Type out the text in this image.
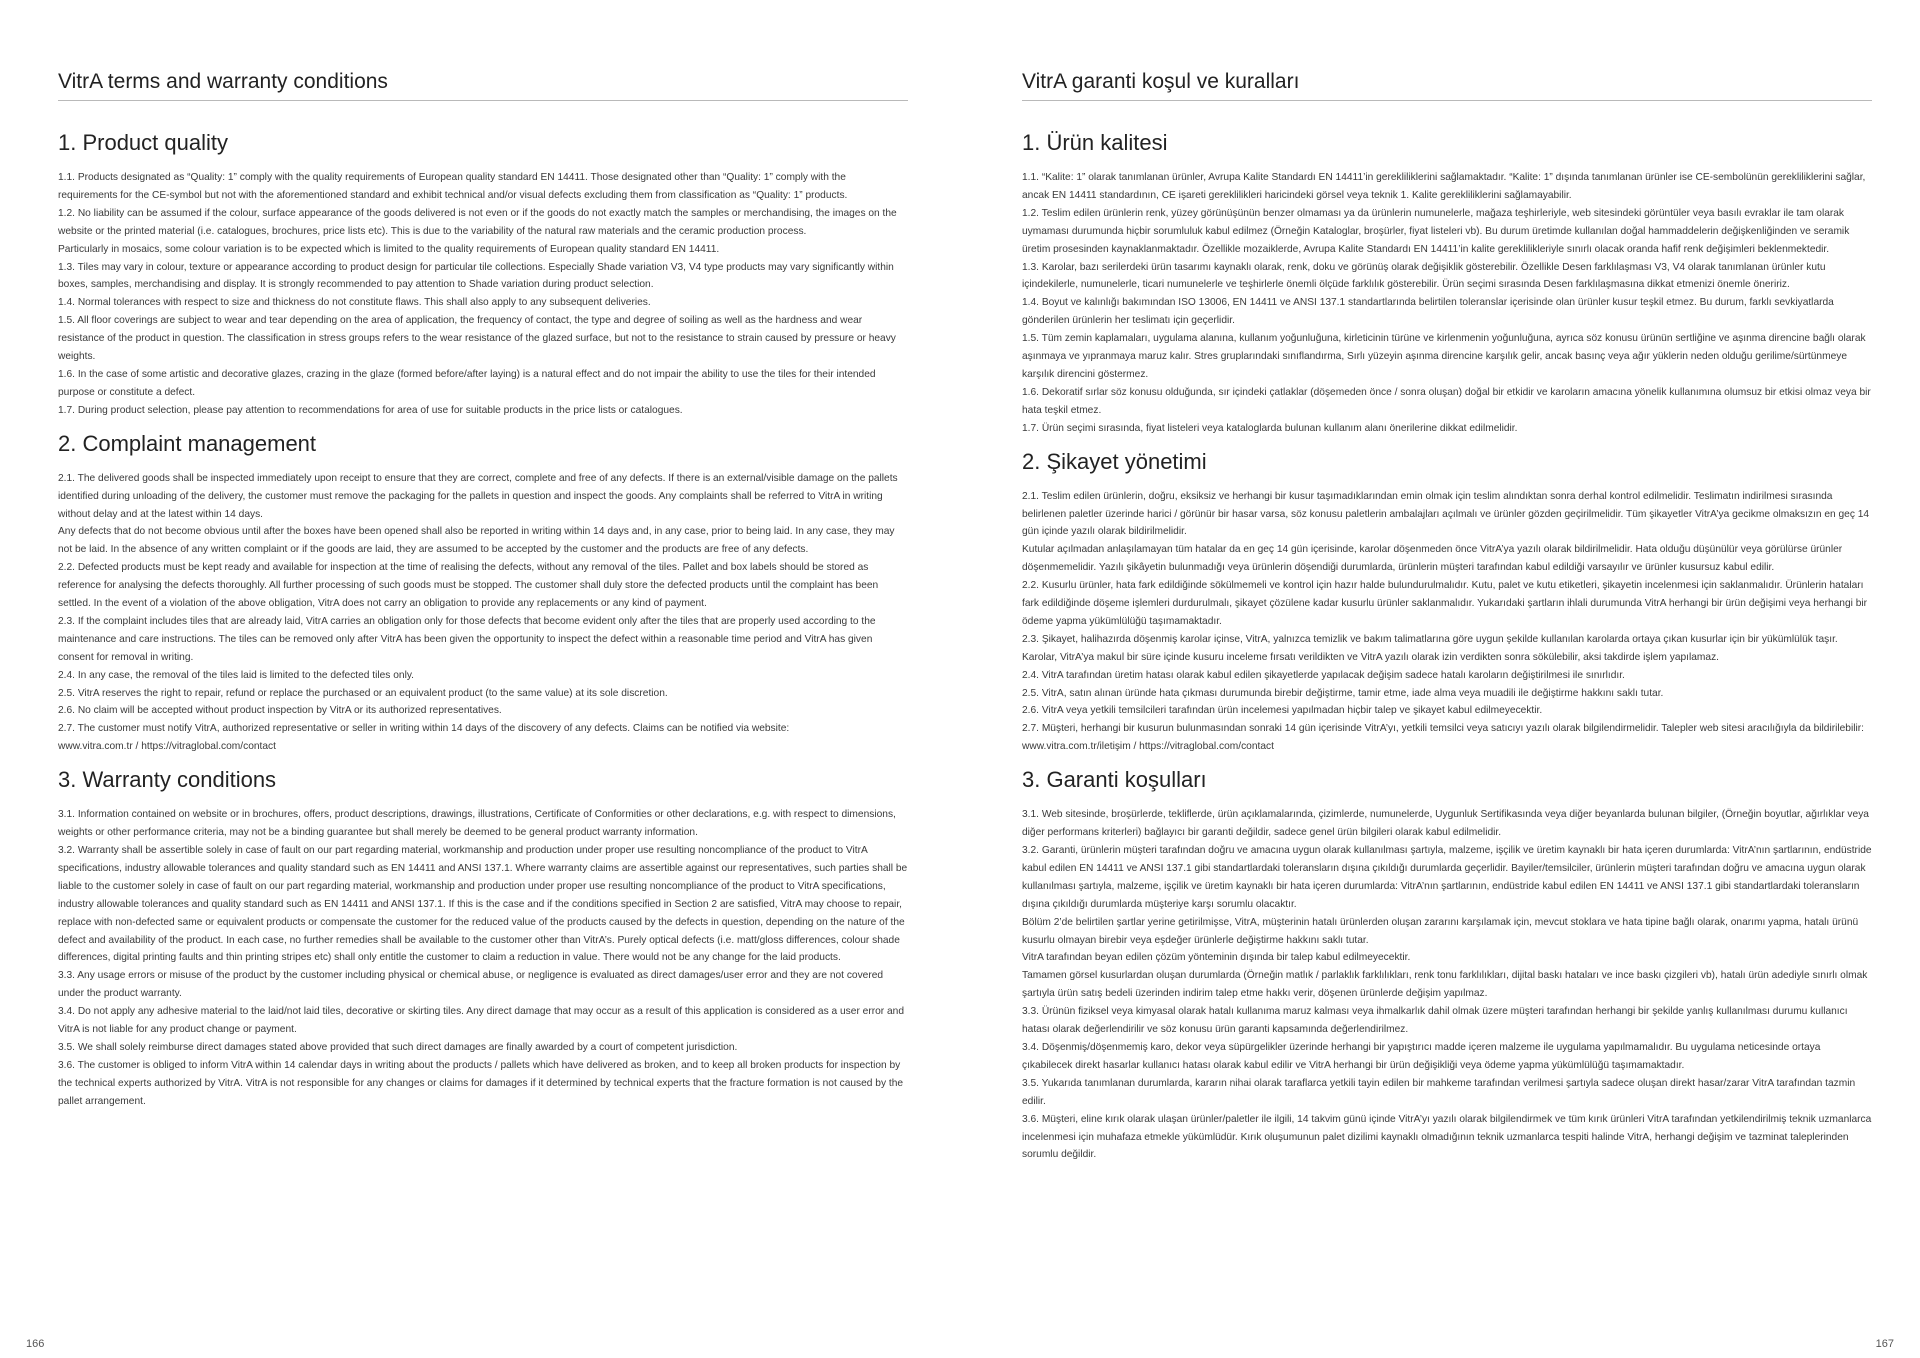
VitrA terms and warranty conditions
1. Product quality

1.1. Products designated as “Quality: 1” comply with the quality requirements of European quality standard EN 14411. Those designated other than “Quality: 1” comply with the requirements for the CE-symbol but not with the aforementioned standard and exhibit technical and/or visual defects excluding them from classification as “Quality: 1” products.

1.2. No liability can be assumed if the colour, surface appearance of the goods delivered is not even or if the goods do not exactly match the samples or merchandising, the images on the website or the printed material (i.e. catalogues, brochures, price lists etc). This is due to the variability of the natural raw materials and the ceramic production process.

Particularly in mosaics, some colour variation is to be expected which is limited to the quality requirements of European quality standard EN 14411.

1.3. Tiles may vary in colour, texture or appearance according to product design for particular tile collections. Especially Shade variation V3, V4 type products may vary significantly within boxes, samples, merchandising and display. It is strongly recommended to pay attention to Shade variation during product selection.

1.4. Normal tolerances with respect to size and thickness do not constitute flaws. This shall also apply to any subsequent deliveries.

1.5. All floor coverings are subject to wear and tear depending on the area of application, the frequency of contact, the type and degree of soiling as well as the hardness and wear resistance of the product in question. The classification in stress groups refers to the wear resistance of the glazed surface, but not to the resistance to strain caused by pressure or heavy weights.

1.6. In the case of some artistic and decorative glazes, crazing in the glaze (formed before/after laying) is a natural effect and do not impair the ability to use the tiles for their intended purpose or constitute a defect.

1.7. During product selection, please pay attention to recommendations for area of use for suitable products in the price lists or catalogues.

2. Complaint management

2.1. The delivered goods shall be inspected immediately upon receipt to ensure that they are correct, complete and free of any defects. If there is an external/visible damage on the pallets identified during unloading of the delivery, the customer must remove the packaging for the pallets in question and inspect the goods. Any complaints shall be referred to VitrA in writing without delay and at the latest within 14 days.

Any defects that do not become obvious until after the boxes have been opened shall also be reported in writing within 14 days and, in any case, prior to being laid. In any case, they may not be laid. In the absence of any written complaint or if the goods are laid, they are assumed to be accepted by the customer and the products are free of any defects.

2.2. Defected products must be kept ready and available for inspection at the time of realising the defects, without any removal of the tiles. Pallet and box labels should be stored as reference for analysing the defects thoroughly. All further processing of such goods must be stopped. The customer shall duly store the defected products until the complaint has been settled. In the event of a violation of the above obligation, VitrA does not carry an obligation to provide any replacements or any kind of payment.

2.3. If the complaint includes tiles that are already laid, VitrA carries an obligation only for those defects that become evident only after the tiles that are properly used according to the maintenance and care instructions. The tiles can be removed only after VitrA has been given the opportunity to inspect the defect within a reasonable time period and VitrA has given consent for removal in writing.

2.4. In any case, the removal of the tiles laid is limited to the defected tiles only.

2.5. VitrA reserves the right to repair, refund or replace the purchased or an equivalent product (to the same value) at its sole discretion.

2.6. No claim will be accepted without product inspection by VitrA or its authorized representatives.

2.7. The customer must notify VitrA, authorized representative or seller in writing within 14 days of the discovery of any defects. Claims can be notified via website:

www.vitra.com.tr / https://vitraglobal.com/contact

3. Warranty conditions

3.1. Information contained on website or in brochures, offers, product descriptions, drawings, illustrations, Certificate of Conformities or other declarations, e.g. with respect to dimensions, weights or other performance criteria, may not be a binding guarantee but shall merely be deemed to be general product warranty information.

3.2. Warranty shall be assertible solely in case of fault on our part regarding material, workmanship and production under proper use resulting noncompliance of the product to VitrA specifications, industry allowable tolerances and quality standard such as EN 14411 and ANSI 137.1. Where warranty claims are assertible against our representatives, such parties shall be liable to the customer solely in case of fault on our part regarding material, workmanship and production under proper use resulting noncompliance of the product to VitrA specifications, industry allowable tolerances and quality standard such as EN 14411 and ANSI 137.1. If this is the case and if the conditions specified in Section 2 are satisfied, VitrA may choose to repair, replace with non-defected same or equivalent products or compensate the customer for the reduced value of the products caused by the defects in question, depending on the nature of the defect and availability of the product. In each case, no further remedies shall be available to the customer other than VitrA’s. Purely optical defects (i.e. matt/gloss differences, colour shade differences, digital printing faults and thin printing stripes etc) shall only entitle the customer to claim a reduction in value. There would not be any change for the laid products.

3.3. Any usage errors or misuse of the product by the customer including physical or chemical abuse, or negligence is evaluated as direct damages/user error and they are not covered under the product warranty.

3.4. Do not apply any adhesive material to the laid/not laid tiles, decorative or skirting tiles. Any direct damage that may occur as a result of this application is considered as a user error and VitrA is not liable for any product change or payment.

3.5. We shall solely reimburse direct damages stated above provided that such direct damages are finally awarded by a court of competent jurisdiction.

3.6. The customer is obliged to inform VitrA within 14 calendar days in writing about the products / pallets which have delivered as broken, and to keep all broken products for inspection by the technical experts authorized by VitrA. VitrA is not responsible for any changes or claims for damages if it determined by technical experts that the fracture formation is not caused by the pallet arrangement.

166
VitrA garanti koşul ve kuralları
1. Ürün kalitesi

1.1. “Kalite: 1” olarak tanımlanan ürünler, Avrupa Kalite Standardı EN 14411’in gerekliliklerini sağlamaktadır. “Kalite: 1” dışında tanımlanan ürünler ise CE-sembolünün gerekliliklerini sağlar, ancak EN 14411 standardının, CE işareti gereklilikleri haricindeki görsel veya teknik 1. Kalite gerekliliklerini sağlamayabilir.

1.2. Teslim edilen ürünlerin renk, yüzey görünüşünün benzer olmaması ya da ürünlerin numunelerle, mağaza teşhirleriyle, web sitesindeki görüntüler veya basılı evraklar ile tam olarak uymaması durumunda hiçbir sorumluluk kabul edilmez (Örneğin Kataloglar, broşürler, fiyat listeleri vb). Bu durum üretimde kullanılan doğal hammaddelerin değişkenliğinden ve seramik üretim prosesinden kaynaklanmaktadır. Özellikle mozaiklerde, Avrupa Kalite Standardı EN 14411’in kalite gereklilikleriyle sınırlı olacak oranda hafif renk değişimleri beklenmektedir.

1.3. Karolar, bazı serilerdeki ürün tasarımı kaynaklı olarak, renk, doku ve görünüş olarak değişiklik gösterebilir. Özellikle Desen farklılaşması V3, V4 olarak tanımlanan ürünler kutu içindekilerle, numunelerle, ticari numunelerle ve teşhirlerle önemli ölçüde farklılık gösterebilir. Ürün seçimi sırasında Desen farklılaşmasına dikkat etmenizi önemle öneririz.

1.4. Boyut ve kalınlığı bakımından ISO 13006, EN 14411 ve ANSI 137.1 standartlarında belirtilen toleranslar içerisinde olan ürünler kusur teşkil etmez. Bu durum, farklı sevkiyatlarda gönderilen ürünlerin her teslimatı için geçerlidir.

1.5. Tüm zemin kaplamaları, uygulama alanına, kullanım yoğunluğuna, kirleticinin türüne ve kirlenmenin yoğunluğuna, ayrıca söz konusu ürünün sertliğine ve aşınma direncine bağlı olarak aşınmaya ve yıpranmaya maruz kalır. Stres gruplarındaki sınıflandırma, Sırlı yüzeyin aşınma direncine karşılık gelir, ancak basınç veya ağır yüklerin neden olduğu gerilime/sürtünmeye karşılık direncini göstermez.

1.6. Dekoratif sırlar söz konusu olduğunda, sır içindeki çatlaklar (döşemeden önce / sonra oluşan) doğal bir etkidir ve karoların amacına yönelik kullanımına olumsuz bir etkisi olmaz veya bir hata teşkil etmez.

1.7. Ürün seçimi sırasında, fiyat listeleri veya kataloglarda bulunan kullanım alanı önerilerine dikkat edilmelidir.

2. Şikayet yönetimi

2.1. Teslim edilen ürünlerin, doğru, eksiksiz ve herhangi bir kusur taşımadıklarından emin olmak için teslim alındıktan sonra derhal kontrol edilmelidir. Teslimatın indirilmesi sırasında belirlenen paletler üzerinde harici / görünür bir hasar varsa, söz konusu paletlerin ambalajları açılmalı ve ürünler gözden geçirilmelidir. Tüm şikayetler VitrA’ya gecikme olmaksızın en geç 14 gün içinde yazılı olarak bildirilmelidir.

Kutular açılmadan anlaşılamayan tüm hatalar da en geç 14 gün içerisinde, karolar döşenmeden önce VitrA’ya yazılı olarak bildirilmelidir. Hata olduğu düşünülür veya görülürse ürünler döşenmemelidir. Yazılı şikâyetin bulunmadığı veya ürünlerin döşendiği durumlarda, ürünlerin müşteri tarafından kabul edildiği varsayılır ve ürünler kusursuz kabul edilir.

2.2. Kusurlu ürünler, hata fark edildiğinde sökülmemeli ve kontrol için hazır halde bulundurulmalıdır. Kutu, palet ve kutu etiketleri, şikayetin incelenmesi için saklanmalıdır. Ürünlerin hataları fark edildiğinde döşeme işlemleri durdurulmalı, şikayet çözülene kadar kusurlu ürünler saklanmalıdır. Yukarıdaki şartların ihlali durumunda VitrA herhangi bir ürün değişimi veya herhangi bir ödeme yapma yükümlülüğü taşımamaktadır.

2.3. Şikayet, halihazırda döşenmiş karolar içinse, VitrA, yalnızca temizlik ve bakım talimatlarına göre uygun şekilde kullanılan karolarda ortaya çıkan kusurlar için bir yükümlülük taşır. Karolar, VitrA’ya makul bir süre içinde kusuru inceleme fırsatı verildikten ve VitrA yazılı olarak izin verdikten sonra sökülebilir, aksi takdirde işlem yapılamaz.

2.4. VitrA tarafından üretim hatası olarak kabul edilen şikayetlerde yapılacak değişim sadece hatalı karoların değiştirilmesi ile sınırlıdır.

2.5. VitrA, satın alınan üründe hata çıkması durumunda birebir değiştirme, tamir etme, iade alma veya muadili ile değiştirme hakkını saklı tutar.

2.6. VitrA veya yetkili temsilcileri tarafından ürün incelemesi yapılmadan hiçbir talep ve şikayet kabul edilmeyecektir.

2.7. Müşteri, herhangi bir kusurun bulunmasından sonraki 14 gün içerisinde VitrA’yı, yetkili temsilci veya satıcıyı yazılı olarak bilgilendirmelidir. Talepler web sitesi aracılığıyla da bildirilebilir:

www.vitra.com.tr/iletişim / https://vitraglobal.com/contact

3. Garanti koşulları

3.1. Web sitesinde, broşürlerde, tekliflerde, ürün açıklamalarında, çizimlerde, numunelerde, Uygunluk Sertifikasında veya diğer beyanlarda bulunan bilgiler, (Örneğin boyutlar, ağırlıklar veya diğer performans kriterleri) bağlayıcı bir garanti değildir, sadece genel ürün bilgileri olarak kabul edilmelidir.

3.2. Garanti, ürünlerin müşteri tarafından doğru ve amacına uygun olarak kullanılması şartıyla, malzeme, işçilik ve üretim kaynaklı bir hata içeren durumlarda: VitrA’nın şartlarının, endüstride kabul edilen EN 14411 ve ANSI 137.1 gibi standartlardaki toleransların dışına çıkıldığı durumlarda geçerlidir. Bayiler/temsilciler, ürünlerin müşteri tarafından doğru ve amacına uygun olarak kullanılması şartıyla, malzeme, işçilik ve üretim kaynaklı bir hata içeren durumlarda: VitrA’nın şartlarının, endüstride kabul edilen EN 14411 ve ANSI 137.1 gibi standartlardaki toleransların dışına çıkıldığı durumlarda müşteriye karşı sorumlu olacaktır.

Bölüm 2’de belirtilen şartlar yerine getirilmişse, VitrA, müşterinin hatalı ürünlerden oluşan zararını karşılamak için, mevcut stoklara ve hata tipine bağlı olarak, onarımı yapma, hatalı ürünü kusurlu olmayan birebir veya eşdeğer ürünlerle değiştirme hakkını saklı tutar.

VitrA tarafından beyan edilen çözüm yönteminin dışında bir talep kabul edilmeyecektir.

Tamamen görsel kusurlardan oluşan durumlarda (Örneğin matlık / parlaklık farklılıkları, renk tonu farklılıkları, dijital baskı hataları ve ince baskı çizgileri vb), hatalı ürün adediyle sınırlı olmak şartıyla ürün satış bedeli üzerinden indirim talep etme hakkı verir, döşenen ürünlerde değişim yapılmaz.

3.3. Ürünün fiziksel veya kimyasal olarak hatalı kullanıma maruz kalması veya ihmalkarlık dahil olmak üzere müşteri tarafından herhangi bir şekilde yanlış kullanılması durumu kullanıcı hatası olarak değerlendirilir ve söz konusu ürün garanti kapsamında değerlendirilmez.

3.4. Döşenmiş/döşenmemiş karo, dekor veya süpürgelikler üzerinde herhangi bir yapıştırıcı madde içeren malzeme ile uygulama yapılmamalıdır. Bu uygulama neticesinde ortaya çıkabilecek direkt hasarlar kullanıcı hatası olarak kabul edilir ve VitrA herhangi bir ürün değişikliği veya ödeme yapma yükümlülüğü taşımamaktadır.

3.5. Yukarıda tanımlanan durumlarda, kararın nihai olarak taraflarca yetkili tayin edilen bir mahkeme tarafından verilmesi şartıyla sadece oluşan direkt hasar/zarar VitrA tarafından tazmin edilir.

3.6. Müşteri, eline kırık olarak ulaşan ürünler/paletler ile ilgili, 14 takvim günü içinde VitrA’yı yazılı olarak bilgilendirmek ve tüm kırık ürünleri VitrA tarafından yetkilendirilmiş teknik uzmanlarca incelenmesi için muhafaza etmekle yükümlüdür. Kırık oluşumunun palet dizilimi kaynaklı olmadığının teknik uzmanlarca tespiti halinde VitrA, herhangi değişim ve tazminat taleplerinden sorumlu değildir.

167
